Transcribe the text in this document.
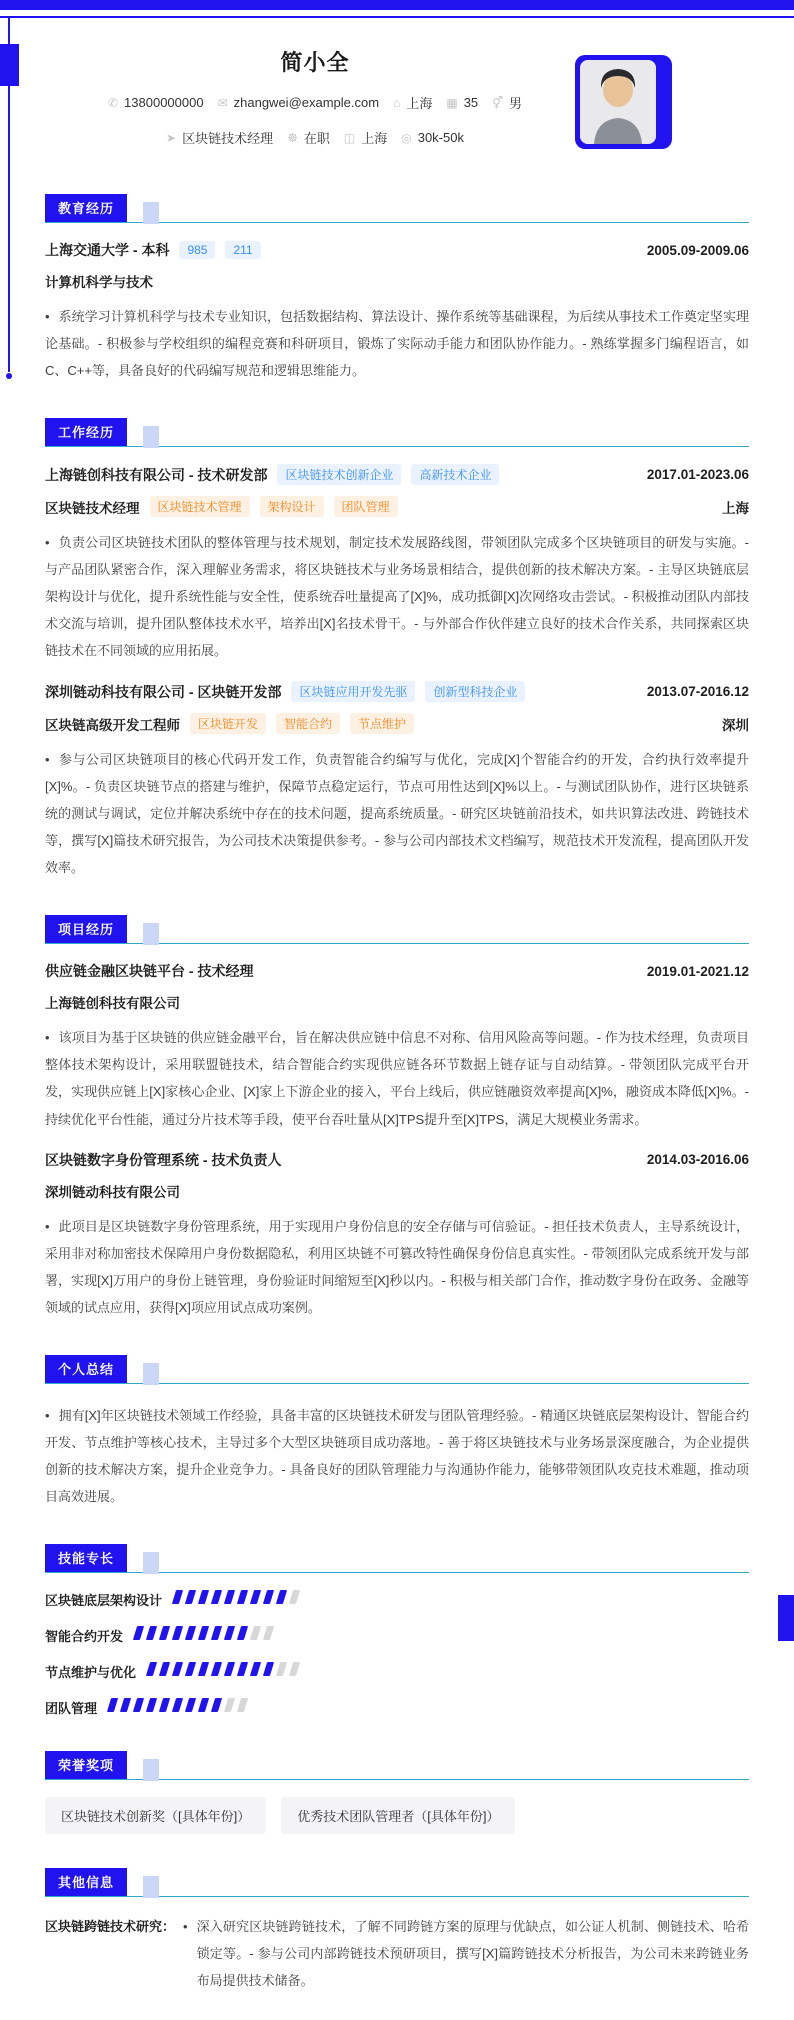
简小全
✆ 13800000000 ✉ zhangwei@example.com ⌂ 上海 ▦ 35 ⚥ 男
➤ 区块链技术经理 ☸ 在职 ◫ 上海 ◎ 30k-50k
教育经历
上海交通大学 - 本科	985	211	2005.09-2009.06
计算机科学与技术
• 系统学习计算机科学与技术专业知识，包括数据结构、算法设计、操作系统等基础课程，为后续从事技术工作奠定坚实理论基础。- 积极参与学校组织的编程竞赛和科研项目，锻炼了实际动手能力和团队协作能力。- 熟练掌握多门编程语言，如C、C++等，具备良好的代码编写规范和逻辑思维能力。
工作经历
上海链创科技有限公司 - 技术研发部	区块链技术创新企业	高新技术企业	2017.01-2023.06
区块链技术经理	区块链技术管理	架构设计	团队管理	上海
• 负责公司区块链技术团队的整体管理与技术规划，制定技术发展路线图，带领团队完成多个区块链项目的研发与实施。- 与产品团队紧密合作，深入理解业务需求，将区块链技术与业务场景相结合，提供创新的技术解决方案。- 主导区块链底层架构设计与优化，提升系统性能与安全性，使系统吞吐量提高了[X]%，成功抵御[X]次网络攻击尝试。- 积极推动团队内部技术交流与培训，提升团队整体技术水平，培养出[X]名技术骨干。- 与外部合作伙伴建立良好的技术合作关系，共同探索区块链技术在不同领域的应用拓展。
深圳链动科技有限公司 - 区块链开发部	区块链应用开发先驱	创新型科技企业	2013.07-2016.12
区块链高级开发工程师	区块链开发	智能合约	节点维护	深圳
• 参与公司区块链项目的核心代码开发工作，负责智能合约编写与优化，完成[X]个智能合约的开发，合约执行效率提升[X]%。- 负责区块链节点的搭建与维护，保障节点稳定运行，节点可用性达到[X]%以上。- 与测试团队协作，进行区块链系统的测试与调试，定位并解决系统中存在的技术问题，提高系统质量。- 研究区块链前沿技术，如共识算法改进、跨链技术等，撰写[X]篇技术研究报告，为公司技术决策提供参考。- 参与公司内部技术文档编写，规范技术开发流程，提高团队开发效率。
项目经历
供应链金融区块链平台 - 技术经理	2019.01-2021.12
上海链创科技有限公司
• 该项目为基于区块链的供应链金融平台，旨在解决供应链中信息不对称、信用风险高等问题。- 作为技术经理，负责项目整体技术架构设计，采用联盟链技术，结合智能合约实现供应链各环节数据上链存证与自动结算。- 带领团队完成平台开发，实现供应链上[X]家核心企业、[X]家上下游企业的接入，平台上线后，供应链融资效率提高[X]%，融资成本降低[X]%。- 持续优化平台性能，通过分片技术等手段，使平台吞吐量从[X]TPS提升至[X]TPS，满足大规模业务需求。
区块链数字身份管理系统 - 技术负责人	2014.03-2016.06
深圳链动科技有限公司
• 此项目是区块链数字身份管理系统，用于实现用户身份信息的安全存储与可信验证。- 担任技术负责人，主导系统设计，采用非对称加密技术保障用户身份数据隐私，利用区块链不可篡改特性确保身份信息真实性。- 带领团队完成系统开发与部署，实现[X]万用户的身份上链管理，身份验证时间缩短至[X]秒以内。- 积极与相关部门合作，推动数字身份在政务、金融等领域的试点应用，获得[X]项应用试点成功案例。
个人总结
• 拥有[X]年区块链技术领域工作经验，具备丰富的区块链技术研发与团队管理经验。- 精通区块链底层架构设计、智能合约开发、节点维护等核心技术，主导过多个大型区块链项目成功落地。- 善于将区块链技术与业务场景深度融合，为企业提供创新的技术解决方案，提升企业竞争力。- 具备良好的团队管理能力与沟通协作能力，能够带领团队攻克技术难题，推动项目高效进展。
技能专长
区块链底层架构设计
智能合约开发
节点维护与优化
团队管理
荣誉奖项
区块链技术创新奖（[具体年份]）	优秀技术团队管理者（[具体年份]）
其他信息
区块链跨链技术研究： • 深入研究区块链跨链技术，了解不同跨链方案的原理与优缺点，如公证人机制、侧链技术、哈希锁定等。- 参与公司内部跨链技术预研项目，撰写[X]篇跨链技术分析报告，为公司未来跨链业务布局提供技术储备。
